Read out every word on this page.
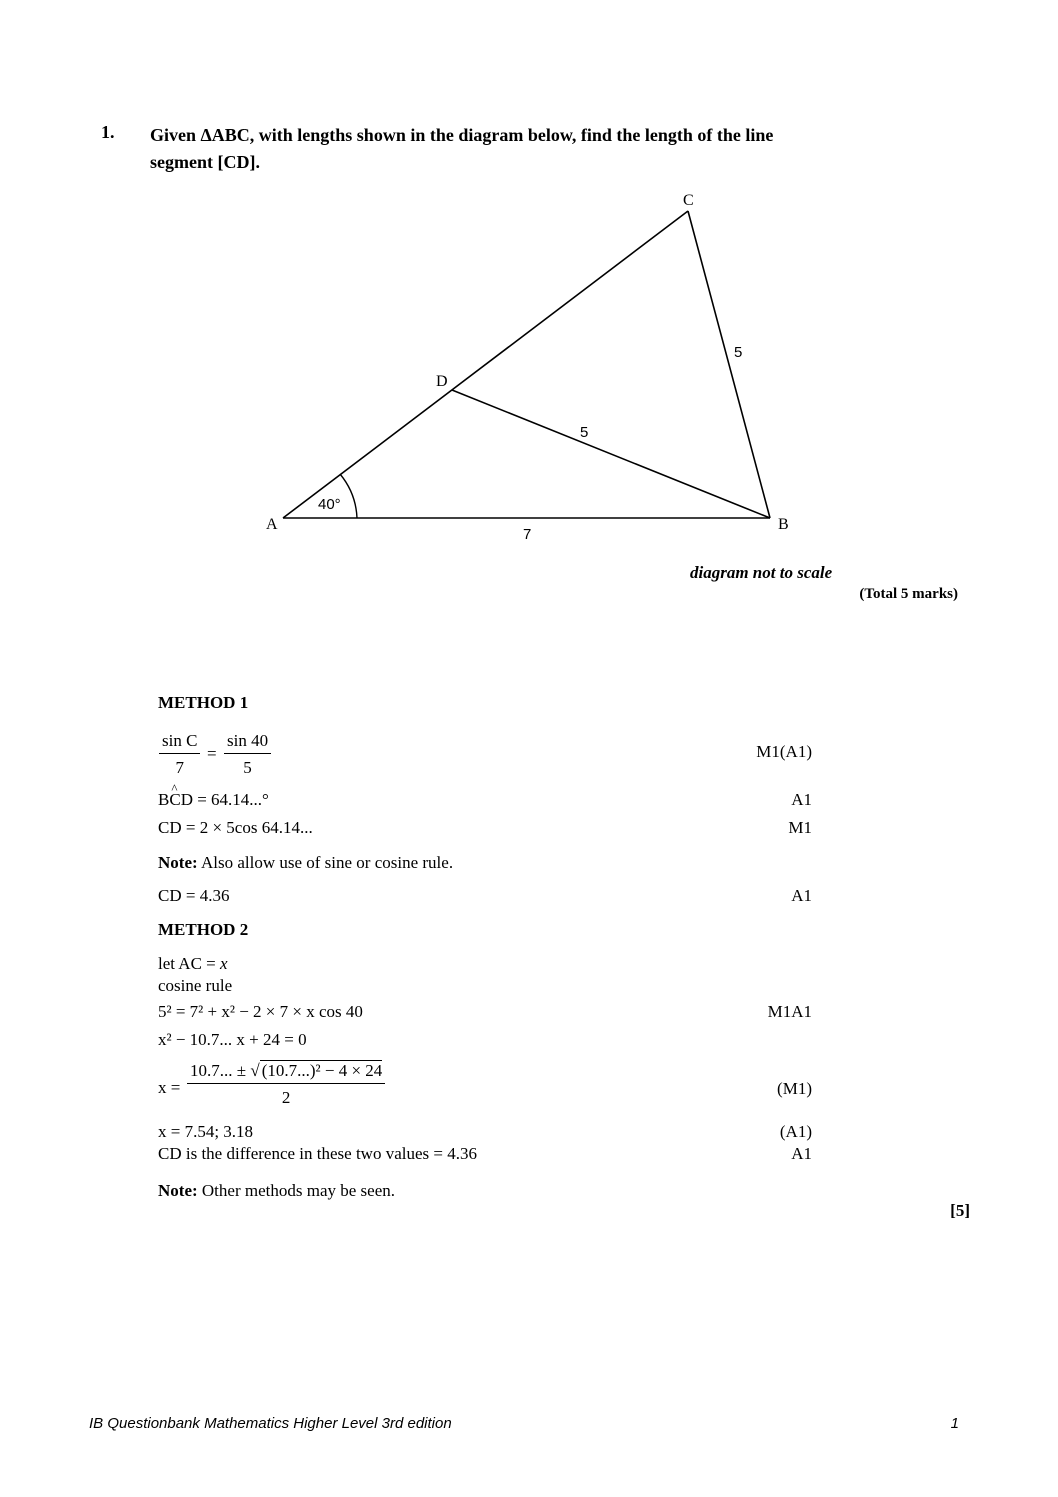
1. Given ΔABC, with lengths shown in the diagram below, find the length of the line segment [CD].
A	B
C
D
40°
7
5
5
diagram not to scale
(Total 5 marks)
METHOD 1
$\frac{\text{sin C}}{7} = \frac{\sin 40}{5}$	M1(A1)
B^ CD = 64.14...°	A1
CD = 2 × 5cos 64.14...	M1
Note: Also allow use of sine or cosine rule.
CD = 4.36	A1
METHOD 2
let AC = x
cosine rule
5² = 7² + x² − 2 × 7 × x cos 40	M1A1
x² − 10.7... x + 24 = 0
$x = \frac{\text{10.7... ± √ (10.7...)² − 4 × 24}}{2}$	(M1)
x = 7.54; 3.18	(A1)
CD is the difference in these two values = 4.36	A1
Note: Other methods may be seen.
[5]
IB Questionbank Mathematics Higher Level 3rd edition	1
